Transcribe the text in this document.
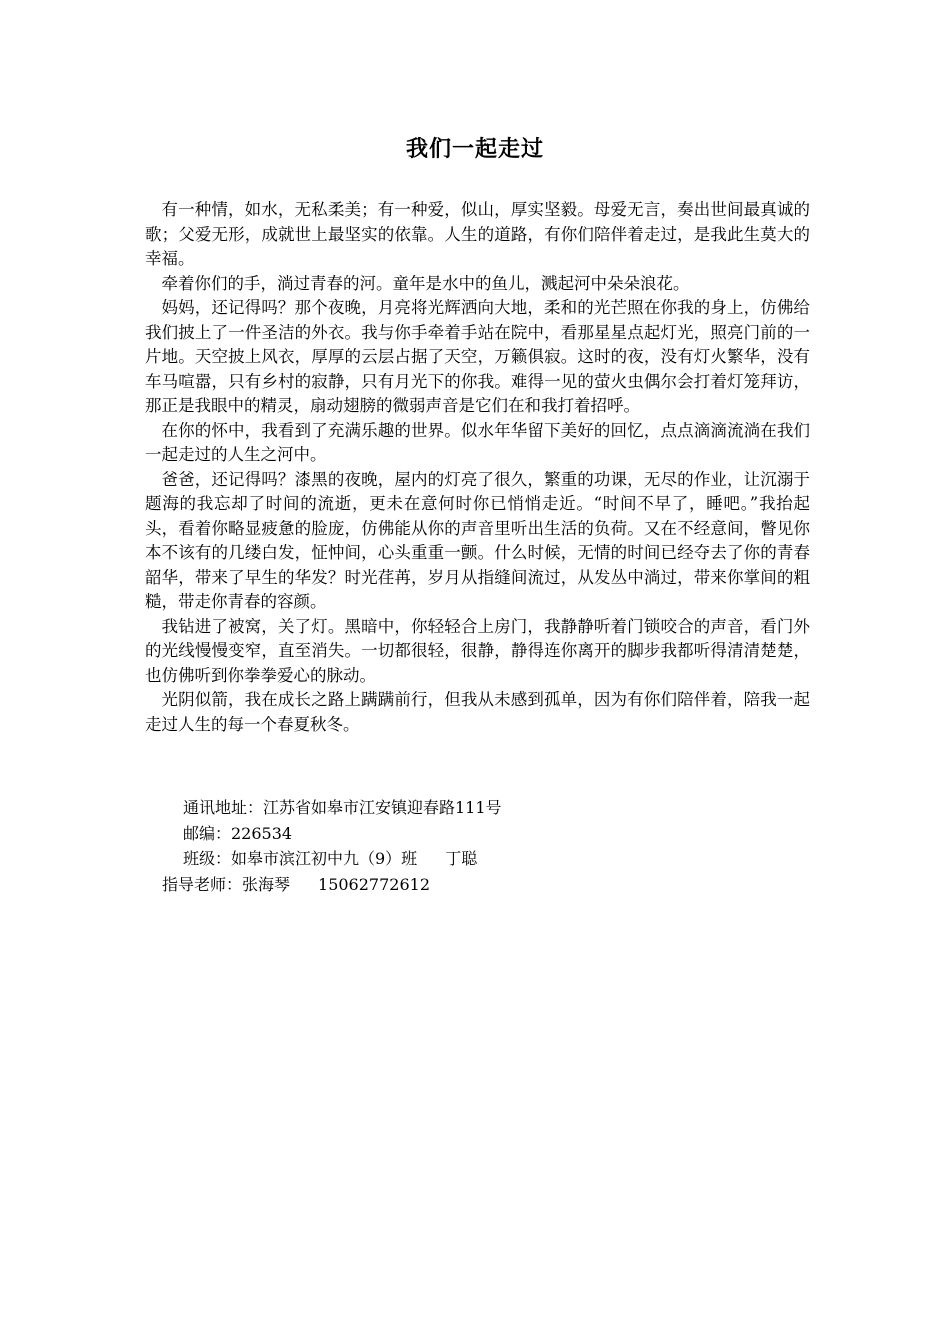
我们一起走过

有一种情，如水，无私柔美；有一种爱，似山，厚实坚毅。母爱无言，奏出世间最真诚的歌；父爱无形，成就世上最坚实的依靠。人生的道路，有你们陪伴着走过，是我此生莫大的幸福。

牵着你们的手，淌过青春的河。童年是水中的鱼儿，溅起河中朵朵浪花。

妈妈，还记得吗？那个夜晚，月亮将光辉洒向大地，柔和的光芒照在你我的身上，仿佛给我们披上了一件圣洁的外衣。我与你手牵着手站在院中，看那星星点起灯光，照亮门前的一片地。天空披上风衣，厚厚的云层占据了天空，万籁俱寂。这时的夜，没有灯火繁华，没有车马喧嚣，只有乡村的寂静，只有月光下的你我。难得一见的萤火虫偶尔会打着灯笼拜访，那正是我眼中的精灵，扇动翅膀的微弱声音是它们在和我打着招呼。

在你的怀中，我看到了充满乐趣的世界。似水年华留下美好的回忆，点点滴滴流淌在我们一起走过的人生之河中。

爸爸，还记得吗？漆黑的夜晚，屋内的灯亮了很久，繁重的功课，无尽的作业，让沉溺于题海的我忘却了时间的流逝，更未在意何时你已悄悄走近。“时间不早了，睡吧。”我抬起头，看着你略显疲惫的脸庞，仿佛能从你的声音里听出生活的负荷。又在不经意间，瞥见你本不该有的几缕白发，怔忡间，心头重重一颤。什么时候，无情的时间已经夺去了你的青春韶华，带来了早生的华发？时光荏苒，岁月从指缝间流过，从发丛中淌过，带来你掌间的粗糙，带走你青春的容颜。

我钻进了被窝，关了灯。黑暗中，你轻轻合上房门，我静静听着门锁咬合的声音，看门外的光线慢慢变窄，直至消失。一切都很轻，很静，静得连你离开的脚步我都听得清清楚楚，也仿佛听到你拳拳爱心的脉动。

光阴似箭，我在成长之路上蹒蹒前行，但我从未感到孤单，因为有你们陪伴着，陪我一起走过人生的每一个春夏秋冬。

通讯地址：江苏省如皋市江安镇迎春路111号
邮编：226534
班级：如皋市滨江初中九（9）班 丁聪
指导老师：张海琴 15062772612
